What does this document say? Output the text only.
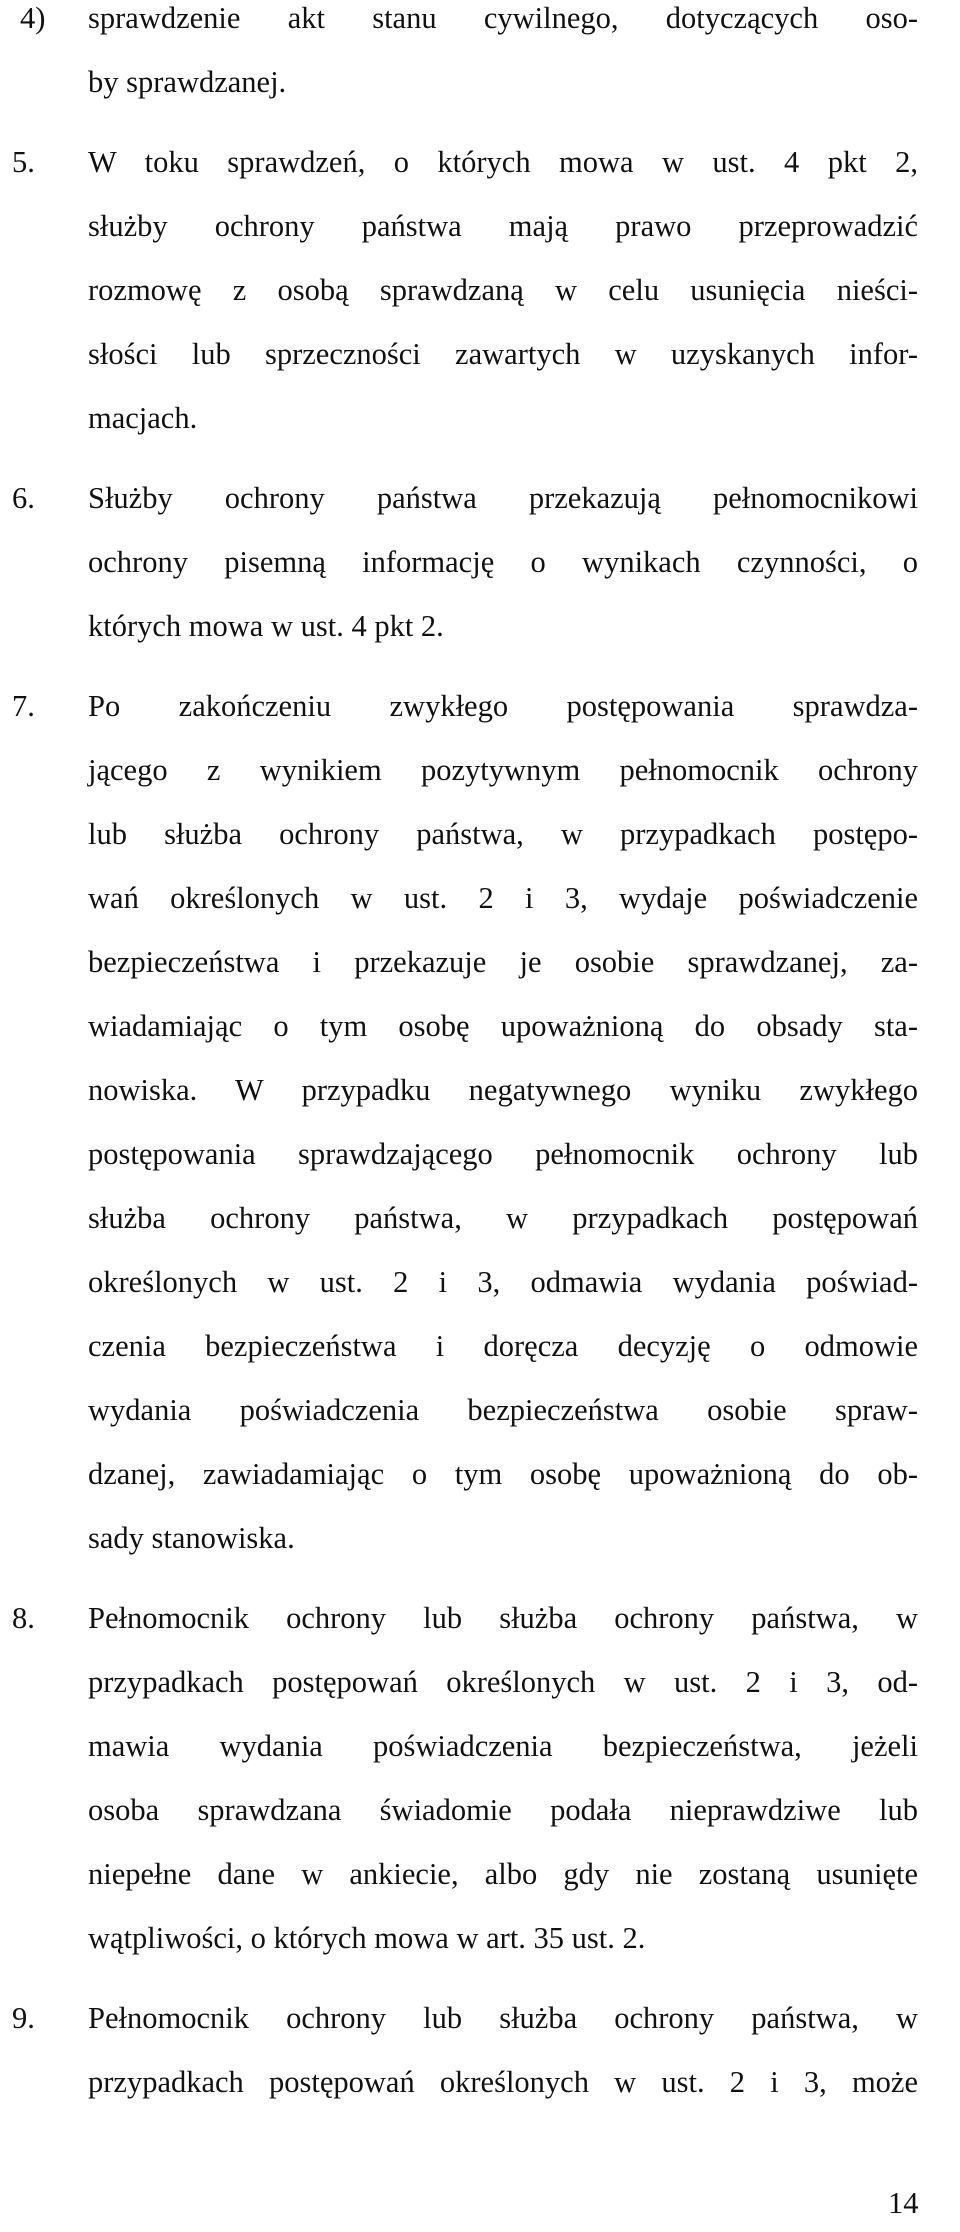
4) sprawdzenie akt stanu cywilnego, dotyczących oso-
by sprawdzanej.
5. W toku sprawdzeń, o których mowa w ust. 4 pkt 2,
służby ochrony państwa mają prawo przeprowadzić
rozmowę z osobą sprawdzaną w celu usunięcia nieści-
słości lub sprzeczności zawartych w uzyskanych infor-
macjach.
6. Służby ochrony państwa przekazują pełnomocnikowi
ochrony pisemną informację o wynikach czynności, o
których mowa w ust. 4 pkt 2.
7. Po zakończeniu zwykłego postępowania sprawdza-
jącego z wynikiem pozytywnym pełnomocnik ochrony
lub służba ochrony państwa, w przypadkach postępo-
wań określonych w ust. 2 i 3, wydaje poświadczenie
bezpieczeństwa i przekazuje je osobie sprawdzanej, za-
wiadamiając o tym osobę upoważnioną do obsady sta-
nowiska. W przypadku negatywnego wyniku zwykłego
postępowania sprawdzającego pełnomocnik ochrony lub
służba ochrony państwa, w przypadkach postępowań
określonych w ust. 2 i 3, odmawia wydania poświad-
czenia bezpieczeństwa i doręcza decyzję o odmowie
wydania poświadczenia bezpieczeństwa osobie spraw-
dzanej, zawiadamiając o tym osobę upoważnioną do ob-
sady stanowiska.
8. Pełnomocnik ochrony lub służba ochrony państwa, w
przypadkach postępowań określonych w ust. 2 i 3, od-
mawia wydania poświadczenia bezpieczeństwa, jeżeli
osoba sprawdzana świadomie podała nieprawdziwe lub
niepełne dane w ankiecie, albo gdy nie zostaną usunięte
wątpliwości, o których mowa w art. 35 ust. 2.
9. Pełnomocnik ochrony lub służba ochrony państwa, w
przypadkach postępowań określonych w ust. 2 i 3, może
14
